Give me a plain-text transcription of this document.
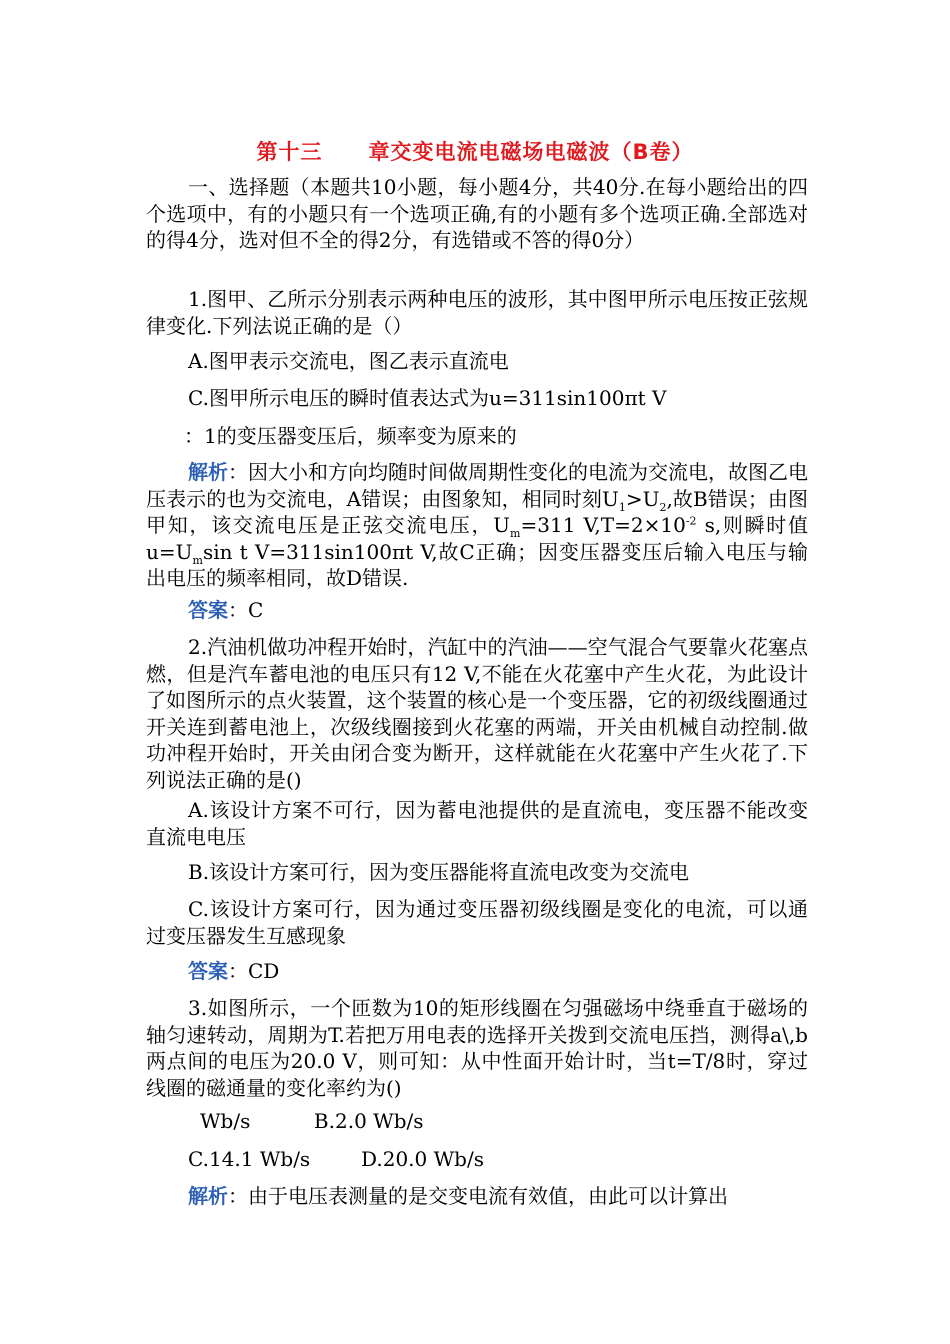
第十三 章交变电流电磁场电磁波（B卷）

一、选择题（本题共10小题，每小题4分，共40分.在每小题给出的四个选项中，有的小题只有一个选项正确,有的小题有多个选项正确.全部选对的得4分，选对但不全的得2分，有选错或不答的得0分）

1.图甲、乙所示分别表示两种电压的波形，其中图甲所示电压按正弦规律变化.下列法说正确的是（）

A.图甲表示交流电，图乙表示直流电

C.图甲所示电压的瞬时值表达式为u=311sin100πt V

：1的变压器变压后，频率变为原来的

解析：因大小和方向均随时间做周期性变化的电流为交流电，故图乙电压表示的也为交流电，A错误；由图象知，相同时刻$U_1>U_2$,故B错误；由图甲知，该交流电压是正弦交流电压，$U_m=311$ $V,T=2\times 10^{-2}$ s,则瞬时值$u=U_m\sin$ t V=311sin100πt V,故C正确；因变压器变压后输入电压与输出电压的频率相同，故D错误.

答案：C

2.汽油机做功冲程开始时，汽缸中的汽油——空气混合气要靠火花塞点燃，但是汽车蓄电池的电压只有12 V,不能在火花塞中产生火花，为此设计了如图所示的点火装置，这个装置的核心是一个变压器，它的初级线圈通过开关连到蓄电池上，次级线圈接到火花塞的两端，开关由机械自动控制.做功冲程开始时，开关由闭合变为断开，这样就能在火花塞中产生火花了.下列说法正确的是()

A.该设计方案不可行，因为蓄电池提供的是直流电，变压器不能改变直流电电压

B.该设计方案可行，因为变压器能将直流电改变为交流电

C.该设计方案可行，因为通过变压器初级线圈是变化的电流，可以通过变压器发生互感现象

答案：CD

3.如图所示，一个匝数为10的矩形线圈在匀强磁场中绕垂直于磁场的轴匀速转动，周期为T.若把万用电表的选择开关拨到交流电压挡，测得a\,b两点间的电压为20.0 V，则可知：从中性面开始计时，当t=T/8时，穿过线圈的磁通量的变化率约为()

Wb/s          B.2.0 Wb/s

C.14.1 Wb/s        D.20.0 Wb/s

解析：由于电压表测量的是交变电流有效值，由此可以计算出
